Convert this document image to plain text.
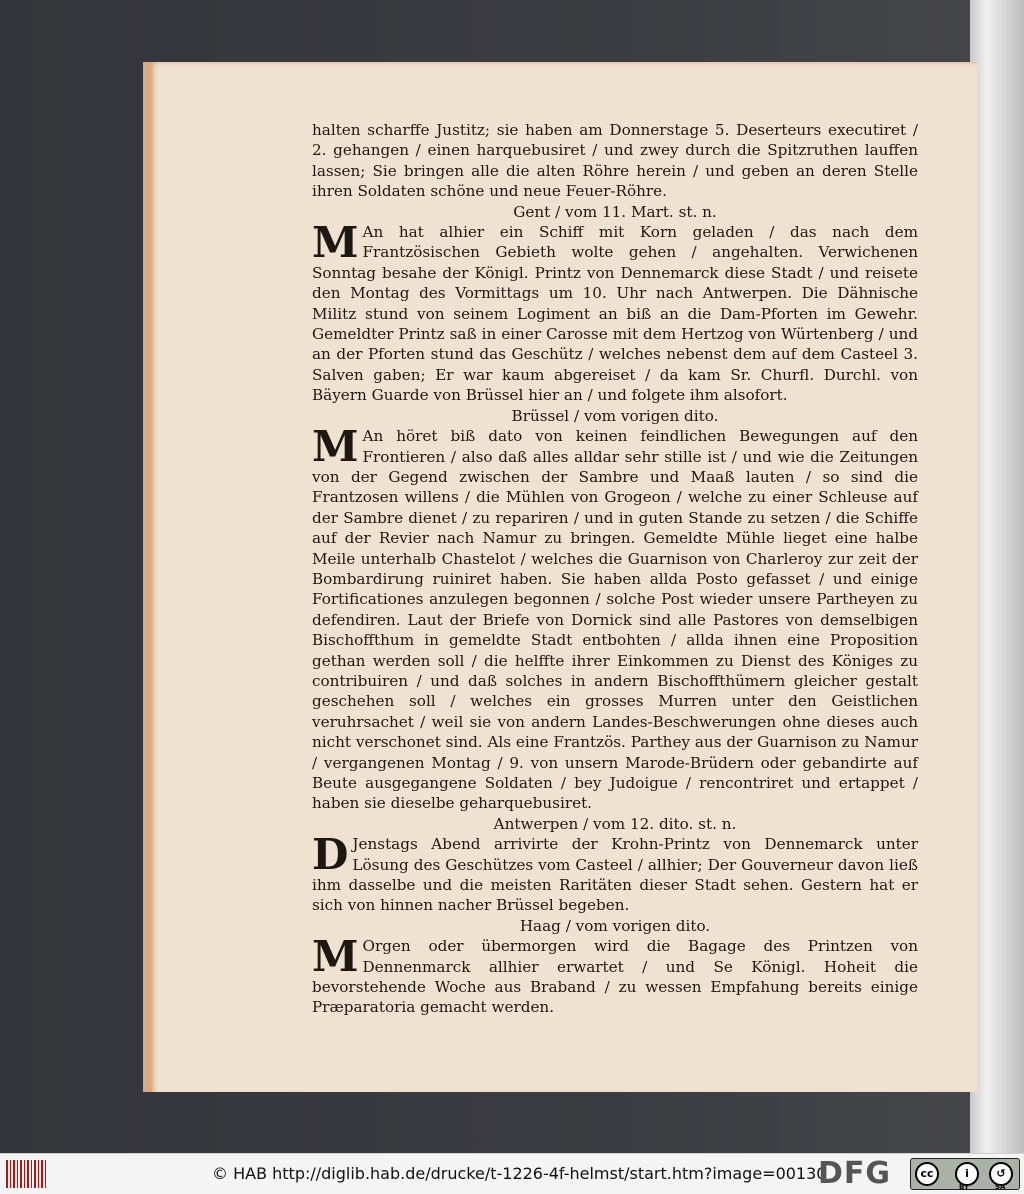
halten scharffe Justitz; sie haben am Donnerstage 5. Deserteurs executiret / 2. gehangen / einen harquebusiret / und zwey durch die Spitzruthen lauffen lassen; Sie bringen alle die alten Röhre herein / und geben an deren Stelle ihren Soldaten schöne und neue Feuer-Röhre.

Gent / vom 11. Mart. st. n.

M An hat alhier ein Schiff mit Korn geladen / das nach dem Frantzösischen Gebieth wolte gehen / angehalten. Verwichenen Sonntag besahe der Königl. Printz von Dennemarck diese Stadt / und reisete den Montag des Vormittags um 10. Uhr nach Antwerpen. Die Dähnische Militz stund von seinem Logiment an biß an die Dam-Pforten im Gewehr. Gemeldter Printz saß in einer Carosse mit dem Hertzog von Würtenberg / und an der Pforten stund das Geschütz / welches nebenst dem auf dem Casteel 3. Salven gaben; Er war kaum abgereiset / da kam Sr. Churfl. Durchl. von Bäyern Guarde von Brüssel hier an / und folgete ihm alsofort.

Brüssel / vom vorigen dito.

M An höret biß dato von keinen feindlichen Bewegungen auf den Frontieren / also daß alles alldar sehr stille ist / und wie die Zeitungen von der Gegend zwischen der Sambre und Maaß lauten / so sind die Frantzosen willens / die Mühlen von Grogeon / welche zu einer Schleuse auf der Sambre dienet / zu repariren / und in guten Stande zu setzen / die Schiffe auf der Revier nach Namur zu bringen. Gemeldte Mühle lieget eine halbe Meile unterhalb Chastelot / welches die Guarnison von Charleroy zur zeit der Bombardirung ruiniret haben. Sie haben allda Posto gefasset / und einige Fortificationes anzulegen begonnen / solche Post wieder unsere Partheyen zu defendiren. Laut der Briefe von Dornick sind alle Pastores von demselbigen Bischoffthum in gemeldte Stadt entbohten / allda ihnen eine Proposition gethan werden soll / die helffte ihrer Einkommen zu Dienst des Königes zu contribuiren / und daß solches in andern Bischoffthümern gleicher gestalt geschehen soll / welches ein grosses Murren unter den Geistlichen veruhrsachet / weil sie von andern Landes-Beschwerungen ohne dieses auch nicht verschonet sind. Als eine Frantzös. Parthey aus der Guarnison zu Namur / vergangenen Montag / 9. von unsern Marode-Brüdern oder gebandirte auf Beute ausgegangene Soldaten / bey Judoigue / rencontriret und ertappet / haben sie dieselbe geharquebusiret.

Antwerpen / vom 12. dito. st. n.

D Jenstags Abend arrivirte der Krohn-Printz von Dennemarck unter Lösung des Geschützes vom Casteel / allhier; Der Gouverneur davon ließ ihm dasselbe und die meisten Raritäten dieser Stadt sehen. Gestern hat er sich von hinnen nacher Brüssel begeben.

Haag / vom vorigen dito.

M Orgen oder übermorgen wird die Bagage des Printzen von Dennenmarck allhier erwartet / und Se Königl. Hoheit die bevorstehende Woche aus Braband / zu wessen Empfahung bereits einige Præparatoria gemacht werden.

© HAB http://diglib.hab.de/drucke/t-1226-4f-helmst/start.htm?image=00130
DFG	cc	i
BY
↺
SA
